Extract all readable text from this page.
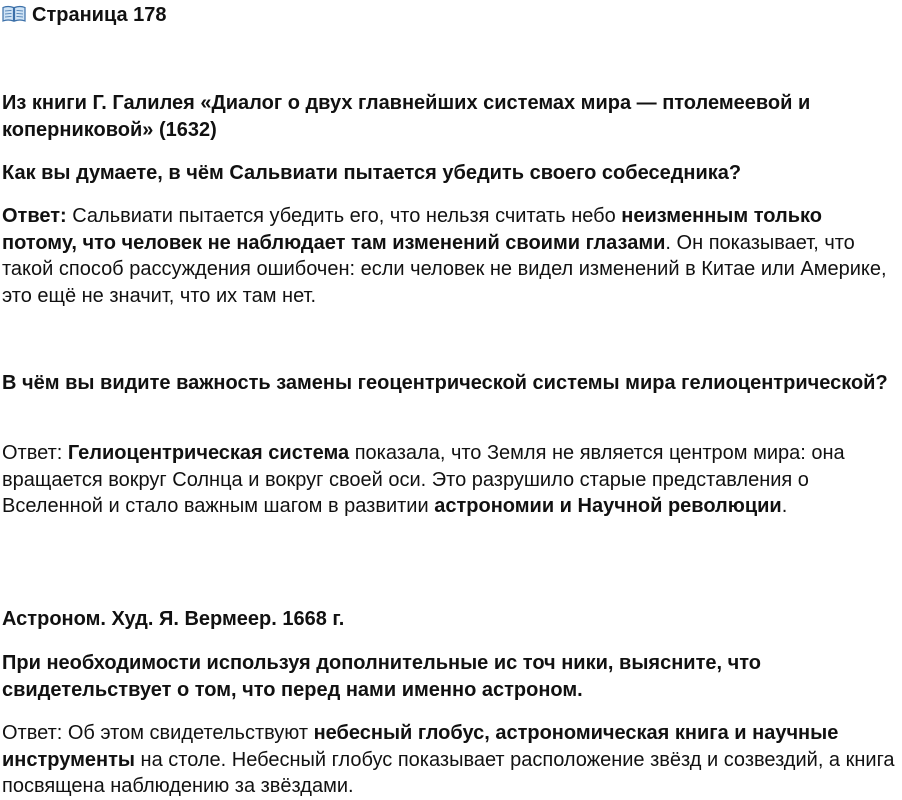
Страница 178

Из книги Г. Галилея «Диалог о двух главнейших системах мира — птолемеевой и коперниковой» (1632)

Как вы думаете, в чём Сальвиати пытается убедить своего собеседника?

Ответ: Сальвиати пытается убедить его, что нельзя считать небо неизменным только потому, что человек не наблюдает там изменений своими глазами. Он показывает, что такой способ рассуждения ошибочен: если человек не видел изменений в Китае или Америке, это ещё не значит, что их там нет.

В чём вы видите важность замены геоцентрической системы мира гелиоцентрической?

Ответ: Гелиоцентрическая система показала, что Земля не является центром мира: она вращается вокруг Солнца и вокруг своей оси. Это разрушило старые представления о Вселенной и стало важным шагом в развитии астрономии и Научной революции.

Астроном. Худ. Я. Вермеер. 1668 г.

При необходимости используя дополнительные ис точ ники, выясните, что свидетельствует о том, что перед нами именно астроном.

Ответ: Об этом свидетельствуют небесный глобус, астрономическая книга и научные инструменты на столе. Небесный глобус показывает расположение звёзд и созвездий, а книга посвящена наблюдению за звёздами.
